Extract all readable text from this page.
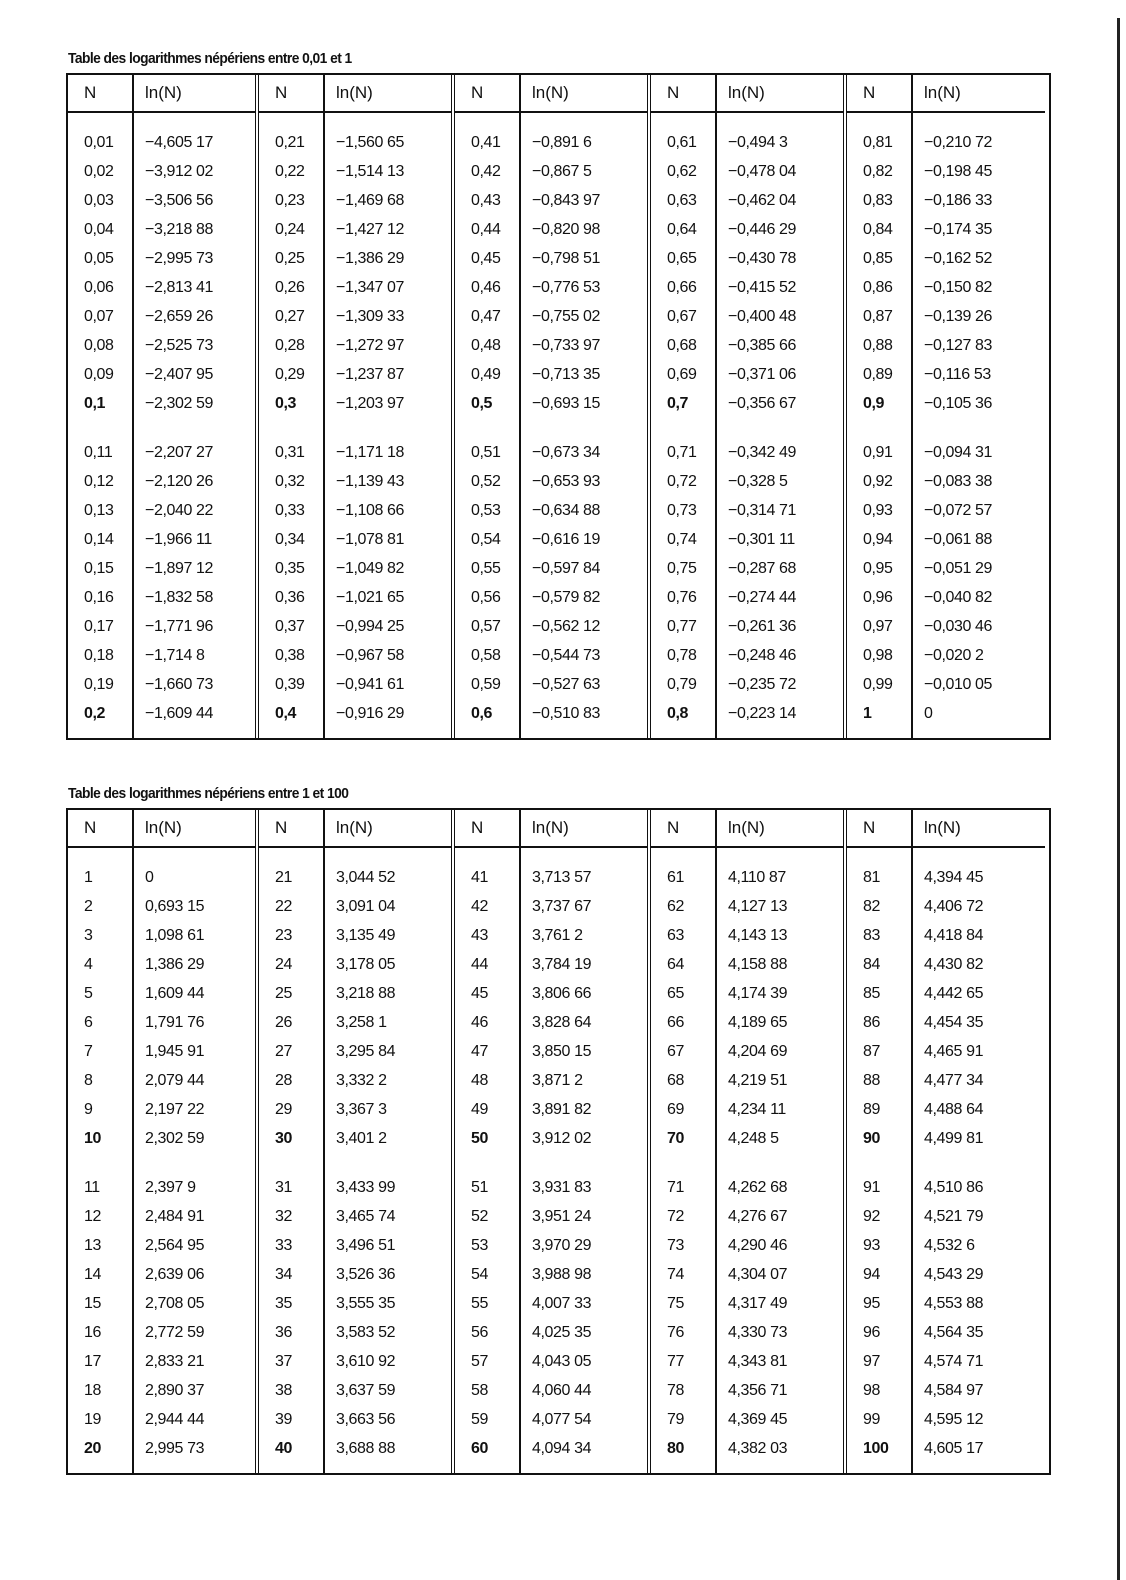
Table des logarithmes népériens entre 0,01 et 1
N	ln(N)
0,01	−4,605 17
0,02	−3,912 02
0,03	−3,506 56
0,04	−3,218 88
0,05	−2,995 73
0,06	−2,813 41
0,07	−2,659 26
0,08	−2,525 73
0,09	−2,407 95
0,1	−2,302 59
0,11	−2,207 27
0,12	−2,120 26
0,13	−2,040 22
0,14	−1,966 11
0,15	−1,897 12
0,16	−1,832 58
0,17	−1,771 96
0,18	−1,714 8
0,19	−1,660 73
0,2	−1,609 44
N	ln(N)
0,21	−1,560 65
0,22	−1,514 13
0,23	−1,469 68
0,24	−1,427 12
0,25	−1,386 29
0,26	−1,347 07
0,27	−1,309 33
0,28	−1,272 97
0,29	−1,237 87
0,3	−1,203 97
0,31	−1,171 18
0,32	−1,139 43
0,33	−1,108 66
0,34	−1,078 81
0,35	−1,049 82
0,36	−1,021 65
0,37	−0,994 25
0,38	−0,967 58
0,39	−0,941 61
0,4	−0,916 29
N	ln(N)
0,41	−0,891 6
0,42	−0,867 5
0,43	−0,843 97
0,44	−0,820 98
0,45	−0,798 51
0,46	−0,776 53
0,47	−0,755 02
0,48	−0,733 97
0,49	−0,713 35
0,5	−0,693 15
0,51	−0,673 34
0,52	−0,653 93
0,53	−0,634 88
0,54	−0,616 19
0,55	−0,597 84
0,56	−0,579 82
0,57	−0,562 12
0,58	−0,544 73
0,59	−0,527 63
0,6	−0,510 83
N	ln(N)
0,61	−0,494 3
0,62	−0,478 04
0,63	−0,462 04
0,64	−0,446 29
0,65	−0,430 78
0,66	−0,415 52
0,67	−0,400 48
0,68	−0,385 66
0,69	−0,371 06
0,7	−0,356 67
0,71	−0,342 49
0,72	−0,328 5
0,73	−0,314 71
0,74	−0,301 11
0,75	−0,287 68
0,76	−0,274 44
0,77	−0,261 36
0,78	−0,248 46
0,79	−0,235 72
0,8	−0,223 14
N	ln(N)
0,81	−0,210 72
0,82	−0,198 45
0,83	−0,186 33
0,84	−0,174 35
0,85	−0,162 52
0,86	−0,150 82
0,87	−0,139 26
0,88	−0,127 83
0,89	−0,116 53
0,9	−0,105 36
0,91	−0,094 31
0,92	−0,083 38
0,93	−0,072 57
0,94	−0,061 88
0,95	−0,051 29
0,96	−0,040 82
0,97	−0,030 46
0,98	−0,020 2
0,99	−0,010 05
1	0
Table des logarithmes népériens entre 1 et 100
N	ln(N)
1	0
2	0,693 15
3	1,098 61
4	1,386 29
5	1,609 44
6	1,791 76
7	1,945 91
8	2,079 44
9	2,197 22
10	2,302 59
11	2,397 9
12	2,484 91
13	2,564 95
14	2,639 06
15	2,708 05
16	2,772 59
17	2,833 21
18	2,890 37
19	2,944 44
20	2,995 73
N	ln(N)
21	3,044 52
22	3,091 04
23	3,135 49
24	3,178 05
25	3,218 88
26	3,258 1
27	3,295 84
28	3,332 2
29	3,367 3
30	3,401 2
31	3,433 99
32	3,465 74
33	3,496 51
34	3,526 36
35	3,555 35
36	3,583 52
37	3,610 92
38	3,637 59
39	3,663 56
40	3,688 88
N	ln(N)
41	3,713 57
42	3,737 67
43	3,761 2
44	3,784 19
45	3,806 66
46	3,828 64
47	3,850 15
48	3,871 2
49	3,891 82
50	3,912 02
51	3,931 83
52	3,951 24
53	3,970 29
54	3,988 98
55	4,007 33
56	4,025 35
57	4,043 05
58	4,060 44
59	4,077 54
60	4,094 34
N	ln(N)
61	4,110 87
62	4,127 13
63	4,143 13
64	4,158 88
65	4,174 39
66	4,189 65
67	4,204 69
68	4,219 51
69	4,234 11
70	4,248 5
71	4,262 68
72	4,276 67
73	4,290 46
74	4,304 07
75	4,317 49
76	4,330 73
77	4,343 81
78	4,356 71
79	4,369 45
80	4,382 03
N	ln(N)
81	4,394 45
82	4,406 72
83	4,418 84
84	4,430 82
85	4,442 65
86	4,454 35
87	4,465 91
88	4,477 34
89	4,488 64
90	4,499 81
91	4,510 86
92	4,521 79
93	4,532 6
94	4,543 29
95	4,553 88
96	4,564 35
97	4,574 71
98	4,584 97
99	4,595 12
100	4,605 17
